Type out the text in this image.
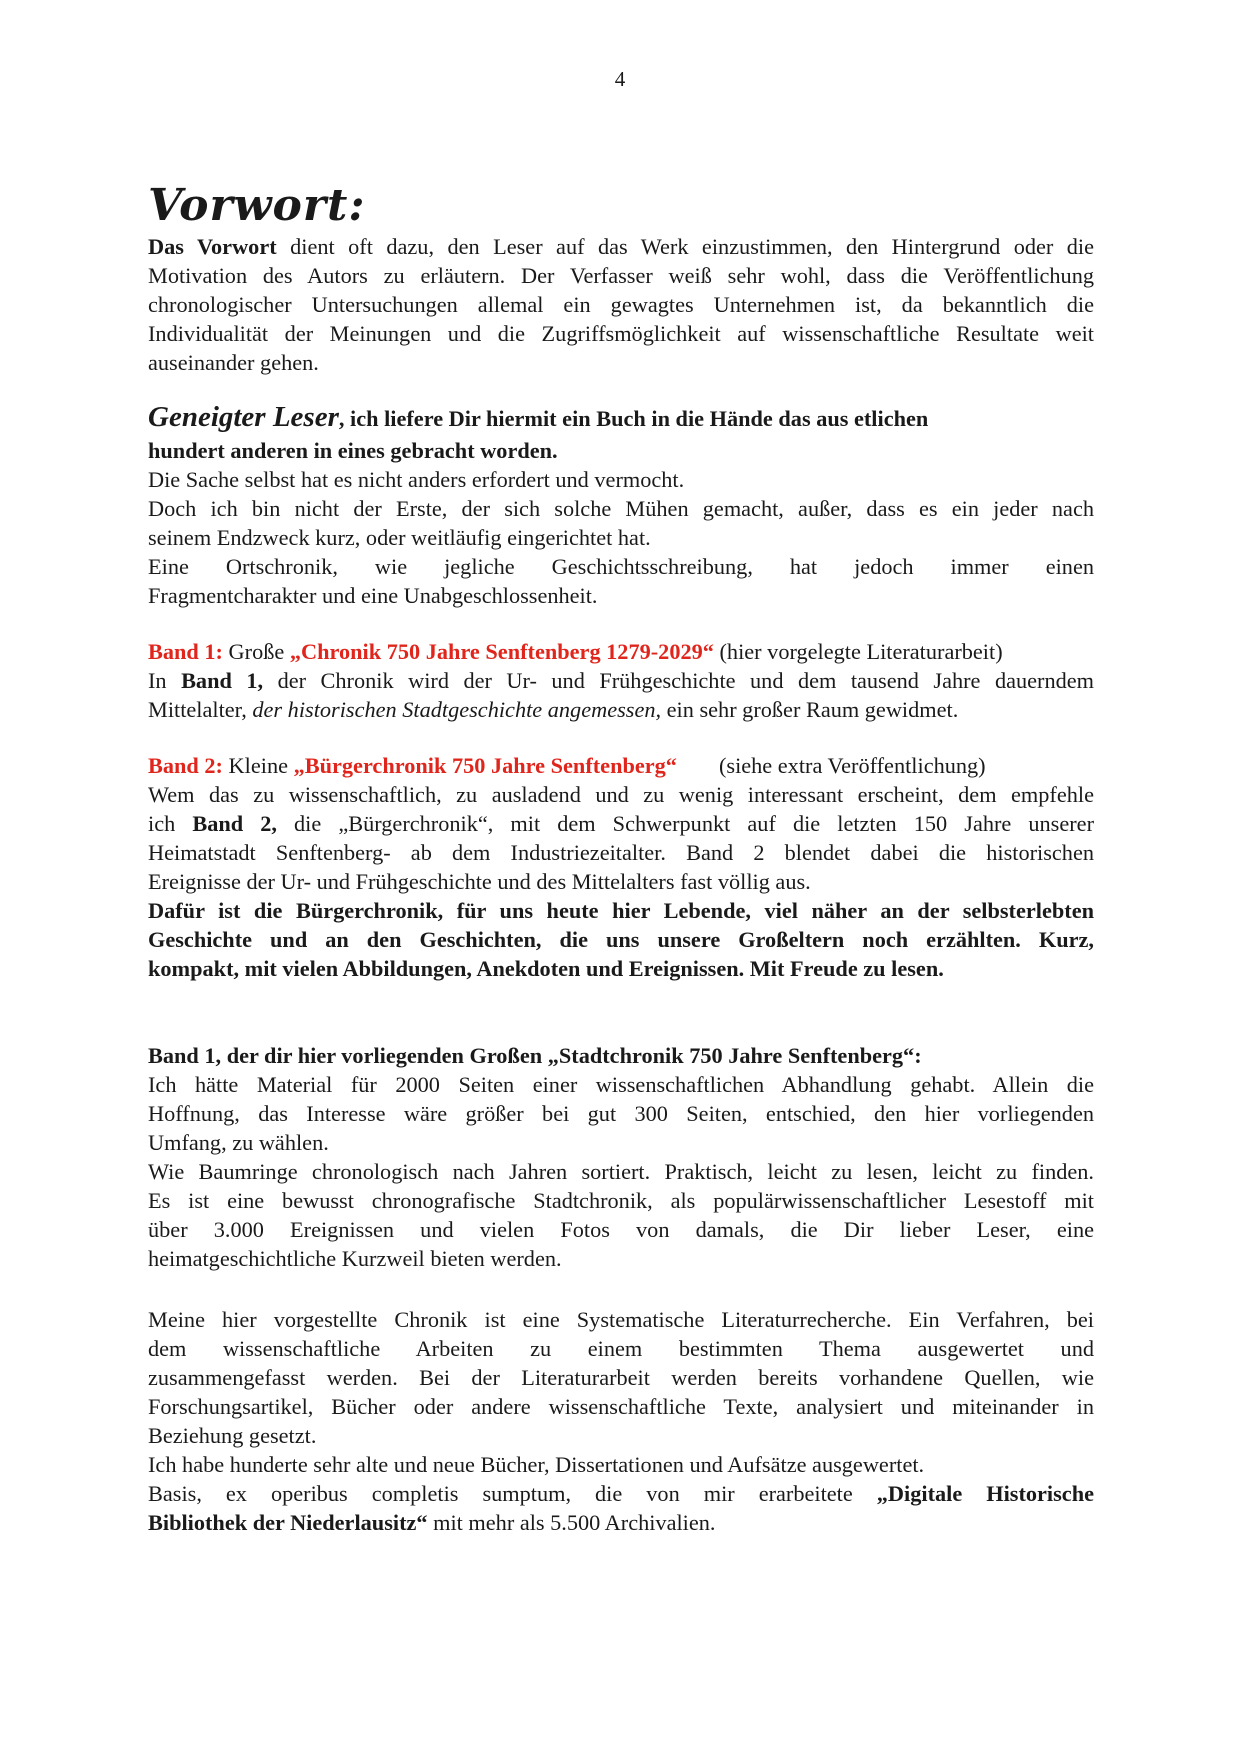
4
Vorwort:

Das Vorwort dient oft dazu, den Leser auf das Werk einzustimmen, den Hintergrund oder die

Motivation des Autors zu erläutern. Der Verfasser weiß sehr wohl, dass die Veröffentlichung

chronologischer Untersuchungen allemal ein gewagtes Unternehmen ist, da bekanntlich die

Individualität der Meinungen und die Zugriffsmöglichkeit auf wissenschaftliche Resultate weit

auseinander gehen.

Geneigter Leser, ich liefere Dir hiermit ein Buch in die Hände das aus etlichen

hundert anderen in eines gebracht worden.

Die Sache selbst hat es nicht anders erfordert und vermocht.

Doch ich bin nicht der Erste, der sich solche Mühen gemacht, außer, dass es ein jeder nach

seinem Endzweck kurz, oder weitläufig eingerichtet hat.

Eine Ortschronik, wie jegliche Geschichtsschreibung, hat jedoch immer einen

Fragmentcharakter und eine Unabgeschlossenheit.

Band 1: Große „Chronik 750 Jahre Senftenberg 1279-2029“ (hier vorgelegte Literaturarbeit)

In Band 1, der Chronik wird der Ur- und Frühgeschichte und dem tausend Jahre dauerndem

Mittelalter, der historischen Stadtgeschichte angemessen, ein sehr großer Raum gewidmet.

Band 2: Kleine „Bürgerchronik 750 Jahre Senftenberg“ (siehe extra Veröffentlichung)

Wem das zu wissenschaftlich, zu ausladend und zu wenig interessant erscheint, dem empfehle

ich Band 2, die „Bürgerchronik“, mit dem Schwerpunkt auf die letzten 150 Jahre unserer

Heimatstadt Senftenberg- ab dem Industriezeitalter. Band 2 blendet dabei die historischen

Ereignisse der Ur- und Frühgeschichte und des Mittelalters fast völlig aus.

Dafür ist die Bürgerchronik, für uns heute hier Lebende, viel näher an der selbsterlebten

Geschichte und an den Geschichten, die uns unsere Großeltern noch erzählten. Kurz,

kompakt, mit vielen Abbildungen, Anekdoten und Ereignissen. Mit Freude zu lesen.

Band 1, der dir hier vorliegenden Großen „Stadtchronik 750 Jahre Senftenberg“:

Ich hätte Material für 2000 Seiten einer wissenschaftlichen Abhandlung gehabt. Allein die

Hoffnung, das Interesse wäre größer bei gut 300 Seiten, entschied, den hier vorliegenden

Umfang, zu wählen.

Wie Baumringe chronologisch nach Jahren sortiert. Praktisch, leicht zu lesen, leicht zu finden.

Es ist eine bewusst chronografische Stadtchronik, als populärwissenschaftlicher Lesestoff mit

über 3.000 Ereignissen und vielen Fotos von damals, die Dir lieber Leser, eine

heimatgeschichtliche Kurzweil bieten werden.

Meine hier vorgestellte Chronik ist eine Systematische Literaturrecherche. Ein Verfahren, bei

dem wissenschaftliche Arbeiten zu einem bestimmten Thema ausgewertet und

zusammengefasst werden. Bei der Literaturarbeit werden bereits vorhandene Quellen, wie

Forschungsartikel, Bücher oder andere wissenschaftliche Texte, analysiert und miteinander in

Beziehung gesetzt.

Ich habe hunderte sehr alte und neue Bücher, Dissertationen und Aufsätze ausgewertet.

Basis, ex operibus completis sumptum, die von mir erarbeitete „Digitale Historische

Bibliothek der Niederlausitz“ mit mehr als 5.500 Archivalien.
